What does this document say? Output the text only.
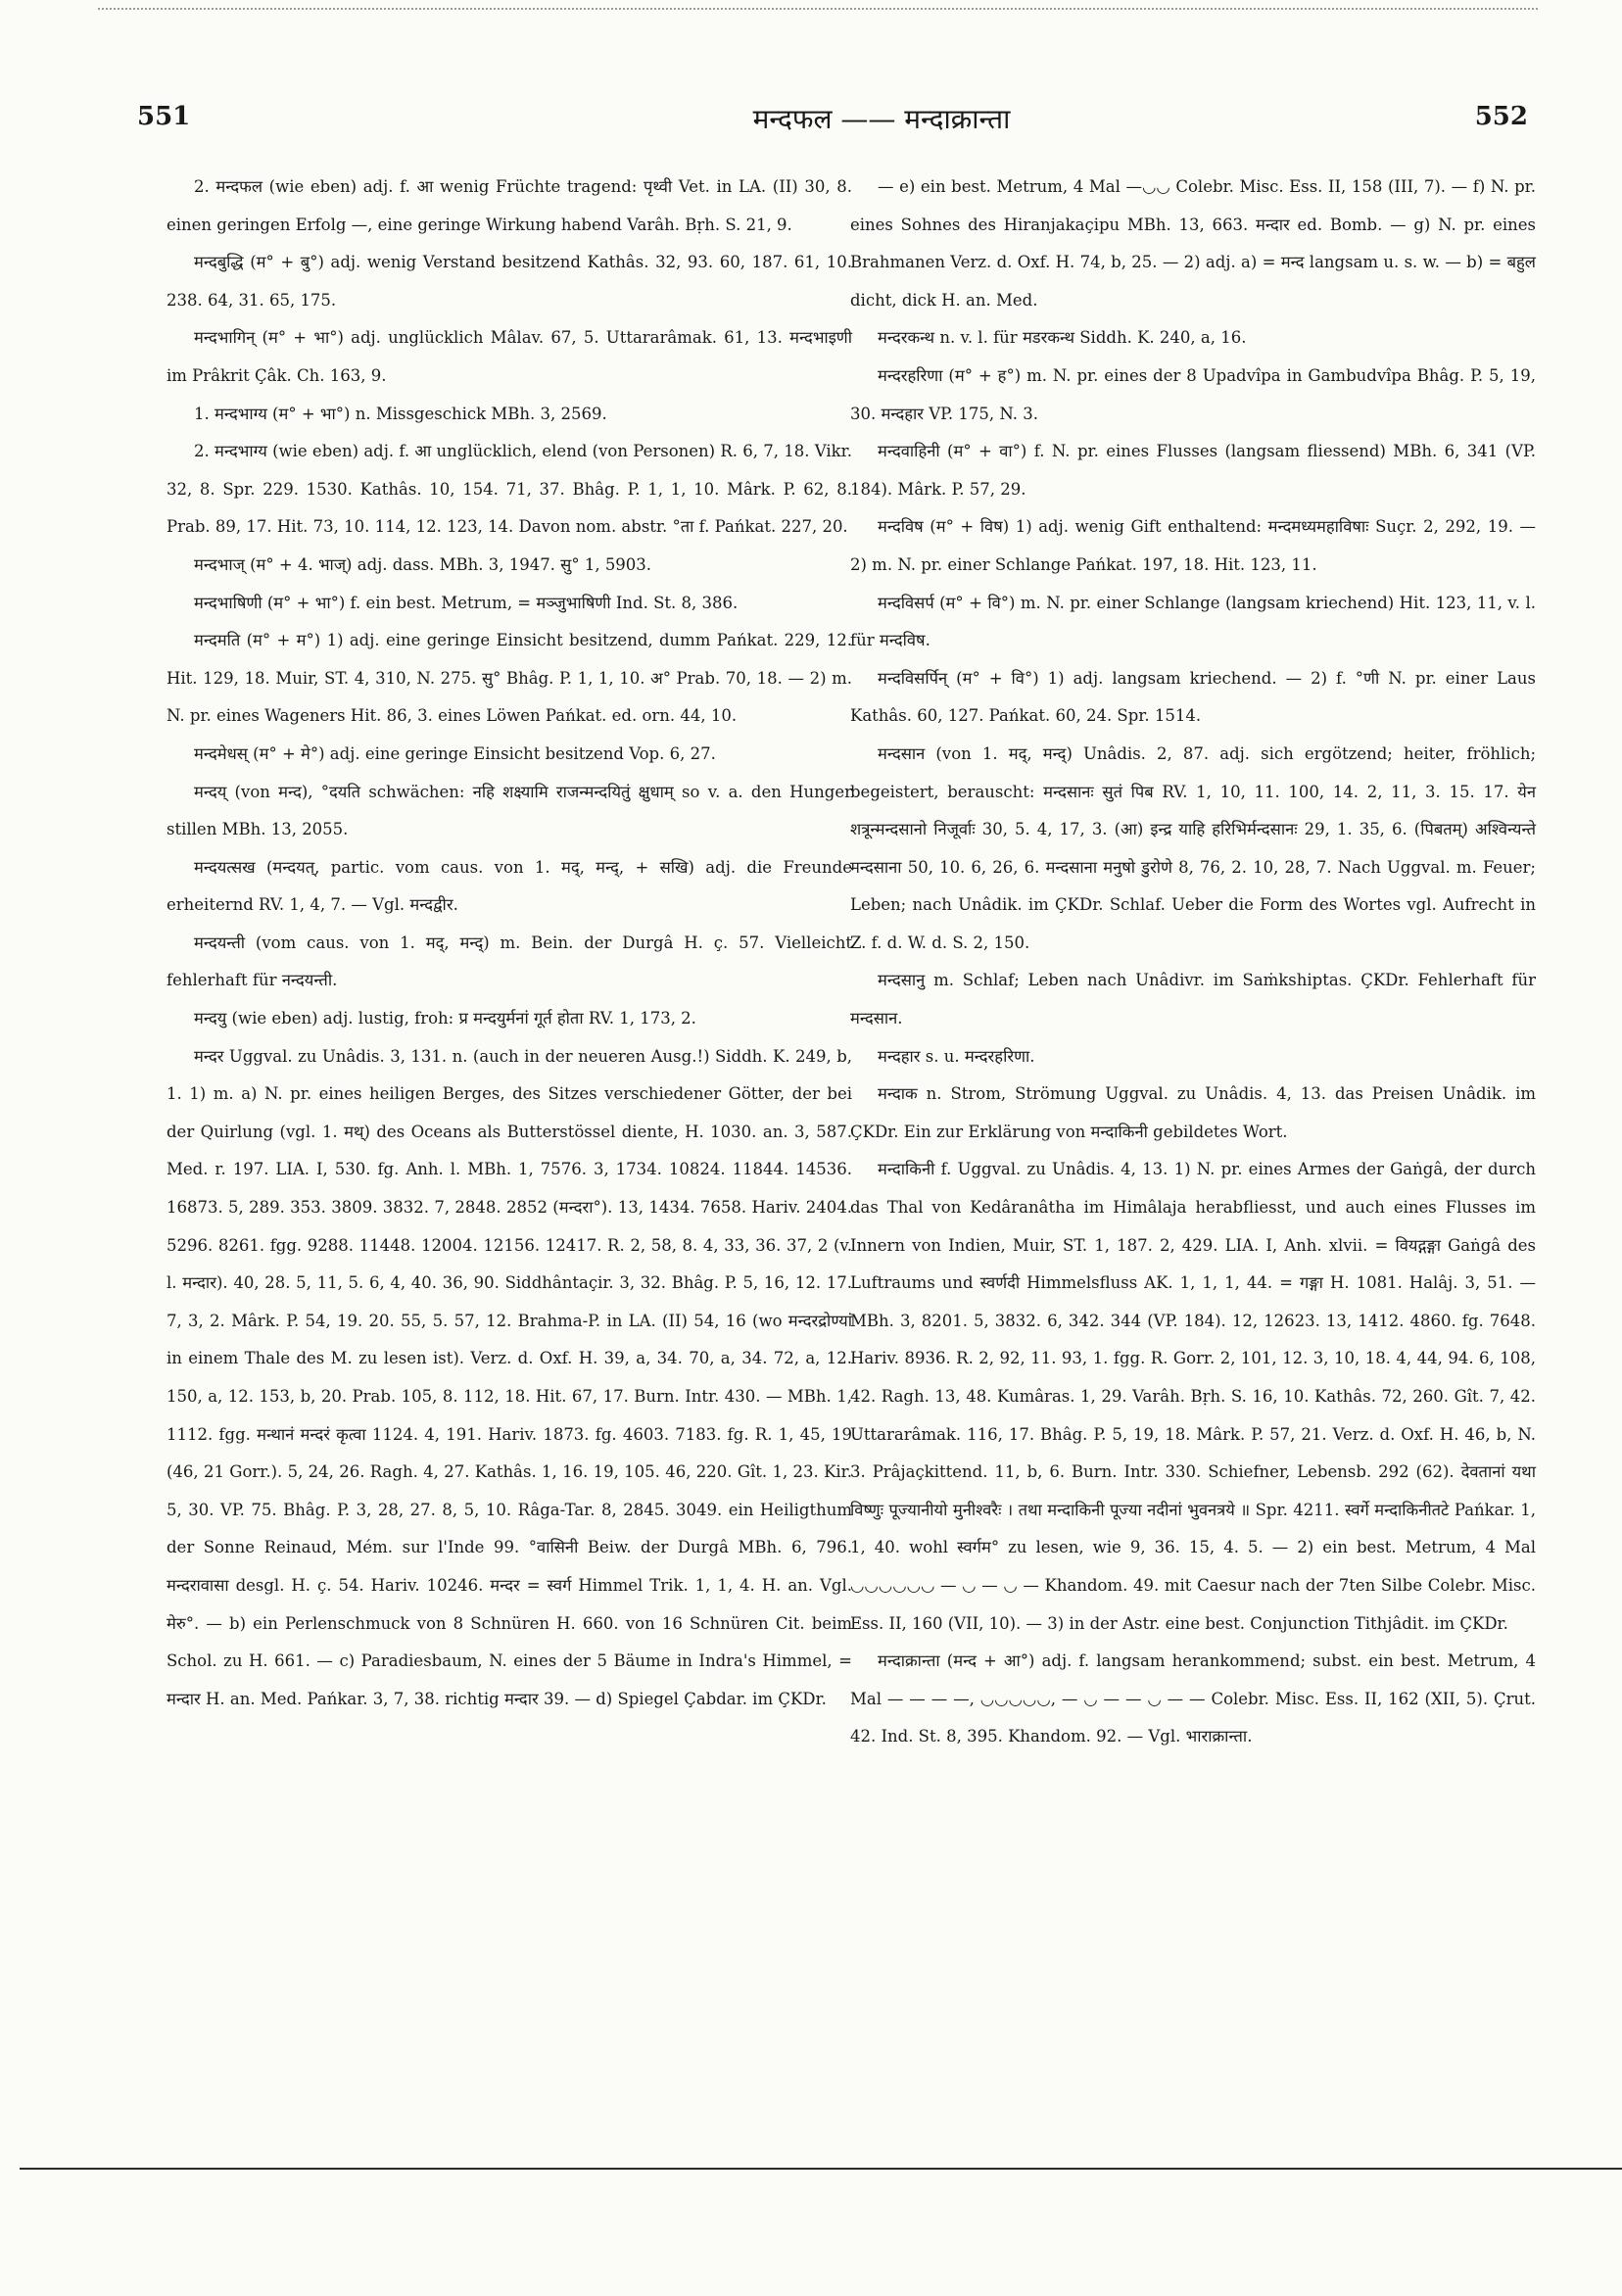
551	मन्दफल —— मन्दाक्रान्ता	552

2. मन्दफल (wie eben) adj. f. आ wenig Früchte tragend: पृथ्वी Vet. in LA. (II) 30, 8. einen geringen Erfolg —, eine geringe Wirkung habend Varâh. Bṛh. S. 21, 9.

मन्दबुद्धि (म° + बु°) adj. wenig Verstand besitzend Kathâs. 32, 93. 60, 187. 61, 10. 238. 64, 31. 65, 175.

मन्दभागिन् (म° + भा°) adj. unglücklich Mâlav. 67, 5. Uttararâmak. 61, 13. मन्दभाइणी im Prâkrit Çâk. Ch. 163, 9.

1. मन्दभाग्य (म° + भा°) n. Missgeschick MBh. 3, 2569.

2. मन्दभाग्य (wie eben) adj. f. आ unglücklich, elend (von Personen) R. 6, 7, 18. Vikr. 32, 8. Spr. 229. 1530. Kathâs. 10, 154. 71, 37. Bhâg. P. 1, 1, 10. Mârk. P. 62, 8. Prab. 89, 17. Hit. 73, 10. 114, 12. 123, 14. Davon nom. abstr. °ता f. Pańkat. 227, 20.

मन्दभाज् (म° + 4. भाज्) adj. dass. MBh. 3, 1947. सु° 1, 5903.

मन्दभाषिणी (म° + भा°) f. ein best. Metrum, = मञ्जुभाषिणी Ind. St. 8, 386.

मन्दमति (म° + म°) 1) adj. eine geringe Einsicht besitzend, dumm Pańkat. 229, 12. Hit. 129, 18. Muir, ST. 4, 310, N. 275. सु° Bhâg. P. 1, 1, 10. अ° Prab. 70, 18. — 2) m. N. pr. eines Wageners Hit. 86, 3. eines Löwen Pańkat. ed. orn. 44, 10.

मन्दमेधस् (म° + मे°) adj. eine geringe Einsicht besitzend Vop. 6, 27.

मन्दय् (von मन्द), °दयति schwächen: नहि शक्ष्यामि राजन्मन्दयितुं क्षुधाम् so v. a. den Hunger stillen MBh. 13, 2055.

मन्दयत्सख (मन्दयत्, partic. vom caus. von 1. मद्, मन्द्, + सखि) adj. die Freunde erheiternd RV. 1, 4, 7. — Vgl. मन्दद्वीर.

मन्दयन्ती (vom caus. von 1. मद्, मन्द्) m. Bein. der Durgâ H. ç. 57. Vielleicht fehlerhaft für नन्दयन्ती.

मन्दयु (wie eben) adj. lustig, froh: प्र मन्दयुर्मनां गूर्त होता RV. 1, 173, 2.

मन्दर Uggval. zu Unâdis. 3, 131. n. (auch in der neueren Ausg.!) Siddh. K. 249, b, 1. 1) m. a) N. pr. eines heiligen Berges, des Sitzes verschiedener Götter, der bei der Quirlung (vgl. 1. मथ्) des Oceans als Butterstössel diente, H. 1030. an. 3, 587. Med. r. 197. LIA. I, 530. fg. Anh. l. MBh. 1, 7576. 3, 1734. 10824. 11844. 14536. 16873. 5, 289. 353. 3809. 3832. 7, 2848. 2852 (मन्दरा°). 13, 1434. 7658. Hariv. 2404. 5296. 8261. fgg. 9288. 11448. 12004. 12156. 12417. R. 2, 58, 8. 4, 33, 36. 37, 2 (v. l. मन्दार). 40, 28. 5, 11, 5. 6, 4, 40. 36, 90. Siddhântaçir. 3, 32. Bhâg. P. 5, 16, 12. 17. 7, 3, 2. Mârk. P. 54, 19. 20. 55, 5. 57, 12. Brahma-P. in LA. (II) 54, 16 (wo मन्दरद्रोण्यां in einem Thale des M. zu lesen ist). Verz. d. Oxf. H. 39, a, 34. 70, a, 34. 72, a, 12. 150, a, 12. 153, b, 20. Prab. 105, 8. 112, 18. Hit. 67, 17. Burn. Intr. 430. — MBh. 1, 1112. fgg. मन्थानं मन्दरं कृत्वा 1124. 4, 191. Hariv. 1873. fg. 4603. 7183. fg. R. 1, 45, 19 (46, 21 Gorr.). 5, 24, 26. Ragh. 4, 27. Kathâs. 1, 16. 19, 105. 46, 220. Gît. 1, 23. Kir. 5, 30. VP. 75. Bhâg. P. 3, 28, 27. 8, 5, 10. Râga-Tar. 8, 2845. 3049. ein Heiligthum der Sonne Reinaud, Mém. sur l'Inde 99. °वासिनी Beiw. der Durgâ MBh. 6, 796. मन्दरावासा desgl. H. ç. 54. Hariv. 10246. मन्दर = स्वर्ग Himmel Trik. 1, 1, 4. H. an. Vgl. मेरु°. — b) ein Perlenschmuck von 8 Schnüren H. 660. von 16 Schnüren Cit. beim Schol. zu H. 661. — c) Paradiesbaum, N. eines der 5 Bäume in Indra's Himmel, = मन्दार H. an. Med. Pańkar. 3, 7, 38. richtig मन्दार 39. — d) Spiegel Çabdar. im ÇKDr.

— e) ein best. Metrum, 4 Mal —◡◡ Colebr. Misc. Ess. II, 158 (III, 7). — f) N. pr. eines Sohnes des Hiranjakaçipu MBh. 13, 663. मन्दार ed. Bomb. — g) N. pr. eines Brahmanen Verz. d. Oxf. H. 74, b, 25. — 2) adj. a) = मन्द langsam u. s. w. — b) = बहुल dicht, dick H. an. Med.

मन्दरकन्थ n. v. l. für मडरकन्थ Siddh. K. 240, a, 16.

मन्दरहरिणा (म° + ह°) m. N. pr. eines der 8 Upadvîpa in Gambudvîpa Bhâg. P. 5, 19, 30. मन्दहार VP. 175, N. 3.

मन्दवाहिनी (म° + वा°) f. N. pr. eines Flusses (langsam fliessend) MBh. 6, 341 (VP. 184). Mârk. P. 57, 29.

मन्दविष (म° + विष) 1) adj. wenig Gift enthaltend: मन्दमध्यमहाविषाः Suçr. 2, 292, 19. — 2) m. N. pr. einer Schlange Pańkat. 197, 18. Hit. 123, 11.

मन्दविसर्प (म° + वि°) m. N. pr. einer Schlange (langsam kriechend) Hit. 123, 11, v. l. für मन्दविष.

मन्दविसर्पिन् (म° + वि°) 1) adj. langsam kriechend. — 2) f. °णी N. pr. einer Laus Kathâs. 60, 127. Pańkat. 60, 24. Spr. 1514.

मन्दसान (von 1. मद्, मन्द्) Unâdis. 2, 87. adj. sich ergötzend; heiter, fröhlich; begeistert, berauscht: मन्दसानः सुतं पिब RV. 1, 10, 11. 100, 14. 2, 11, 3. 15. 17. येन शत्रून्मन्दसानो निजूर्वाः 30, 5. 4, 17, 3. (आ) इन्द्र याहि हरिभिर्मन्दसानः 29, 1. 35, 6. (पिबतम्) अश्विन्यन्ते मन्दसाना 50, 10. 6, 26, 6. मन्दसाना मनुषो डुरोणे 8, 76, 2. 10, 28, 7. Nach Uggval. m. Feuer; Leben; nach Unâdik. im ÇKDr. Schlaf. Ueber die Form des Wortes vgl. Aufrecht in Z. f. d. W. d. S. 2, 150.

मन्दसानु m. Schlaf; Leben nach Unâdivr. im Saṁkshiptas. ÇKDr. Fehlerhaft für मन्दसान.

मन्दहार s. u. मन्दरहरिणा.

मन्दाक n. Strom, Strömung Uggval. zu Unâdis. 4, 13. das Preisen Unâdik. im ÇKDr. Ein zur Erklärung von मन्दाकिनी gebildetes Wort.

मन्दाकिनी f. Uggval. zu Unâdis. 4, 13. 1) N. pr. eines Armes der Gaṅgâ, der durch das Thal von Kedâranâtha im Himâlaja herabfliesst, und auch eines Flusses im Innern von Indien, Muir, ST. 1, 187. 2, 429. LIA. I, Anh. xlvii. = वियद्गङ्गा Gaṅgâ des Luftraums und स्वर्णदी Himmelsfluss AK. 1, 1, 1, 44. = गङ्गा H. 1081. Halâj. 3, 51. — MBh. 3, 8201. 5, 3832. 6, 342. 344 (VP. 184). 12, 12623. 13, 1412. 4860. fg. 7648. Hariv. 8936. R. 2, 92, 11. 93, 1. fgg. R. Gorr. 2, 101, 12. 3, 10, 18. 4, 44, 94. 6, 108, 42. Ragh. 13, 48. Kumâras. 1, 29. Varâh. Bṛh. S. 16, 10. Kathâs. 72, 260. Gît. 7, 42. Uttararâmak. 116, 17. Bhâg. P. 5, 19, 18. Mârk. P. 57, 21. Verz. d. Oxf. H. 46, b, N. 3. Prâjaçkittend. 11, b, 6. Burn. Intr. 330. Schiefner, Lebensb. 292 (62). देवतानां यथा विष्णुः पूज्यानीयो मुनीश्वरैः । तथा मन्दाकिनी पूज्या नदीनां भुवनत्रये ॥ Spr. 4211. स्वर्गे मन्दाकिनीतटे Pańkar. 1, 1, 40. wohl स्वर्गम° zu lesen, wie 9, 36. 15, 4. 5. — 2) ein best. Metrum, 4 Mal ◡◡◡◡◡◡ — ◡ — ◡ — Khandom. 49. mit Caesur nach der 7ten Silbe Colebr. Misc. Ess. II, 160 (VII, 10). — 3) in der Astr. eine best. Conjunction Tithjâdit. im ÇKDr.

मन्दाक्रान्ता (मन्द + आ°) adj. f. langsam herankommend; subst. ein best. Metrum, 4 Mal — — — —, ◡◡◡◡◡, — ◡ — — ◡ — — Colebr. Misc. Ess. II, 162 (XII, 5). Çrut. 42. Ind. St. 8, 395. Khandom. 92. — Vgl. भाराक्रान्ता.
